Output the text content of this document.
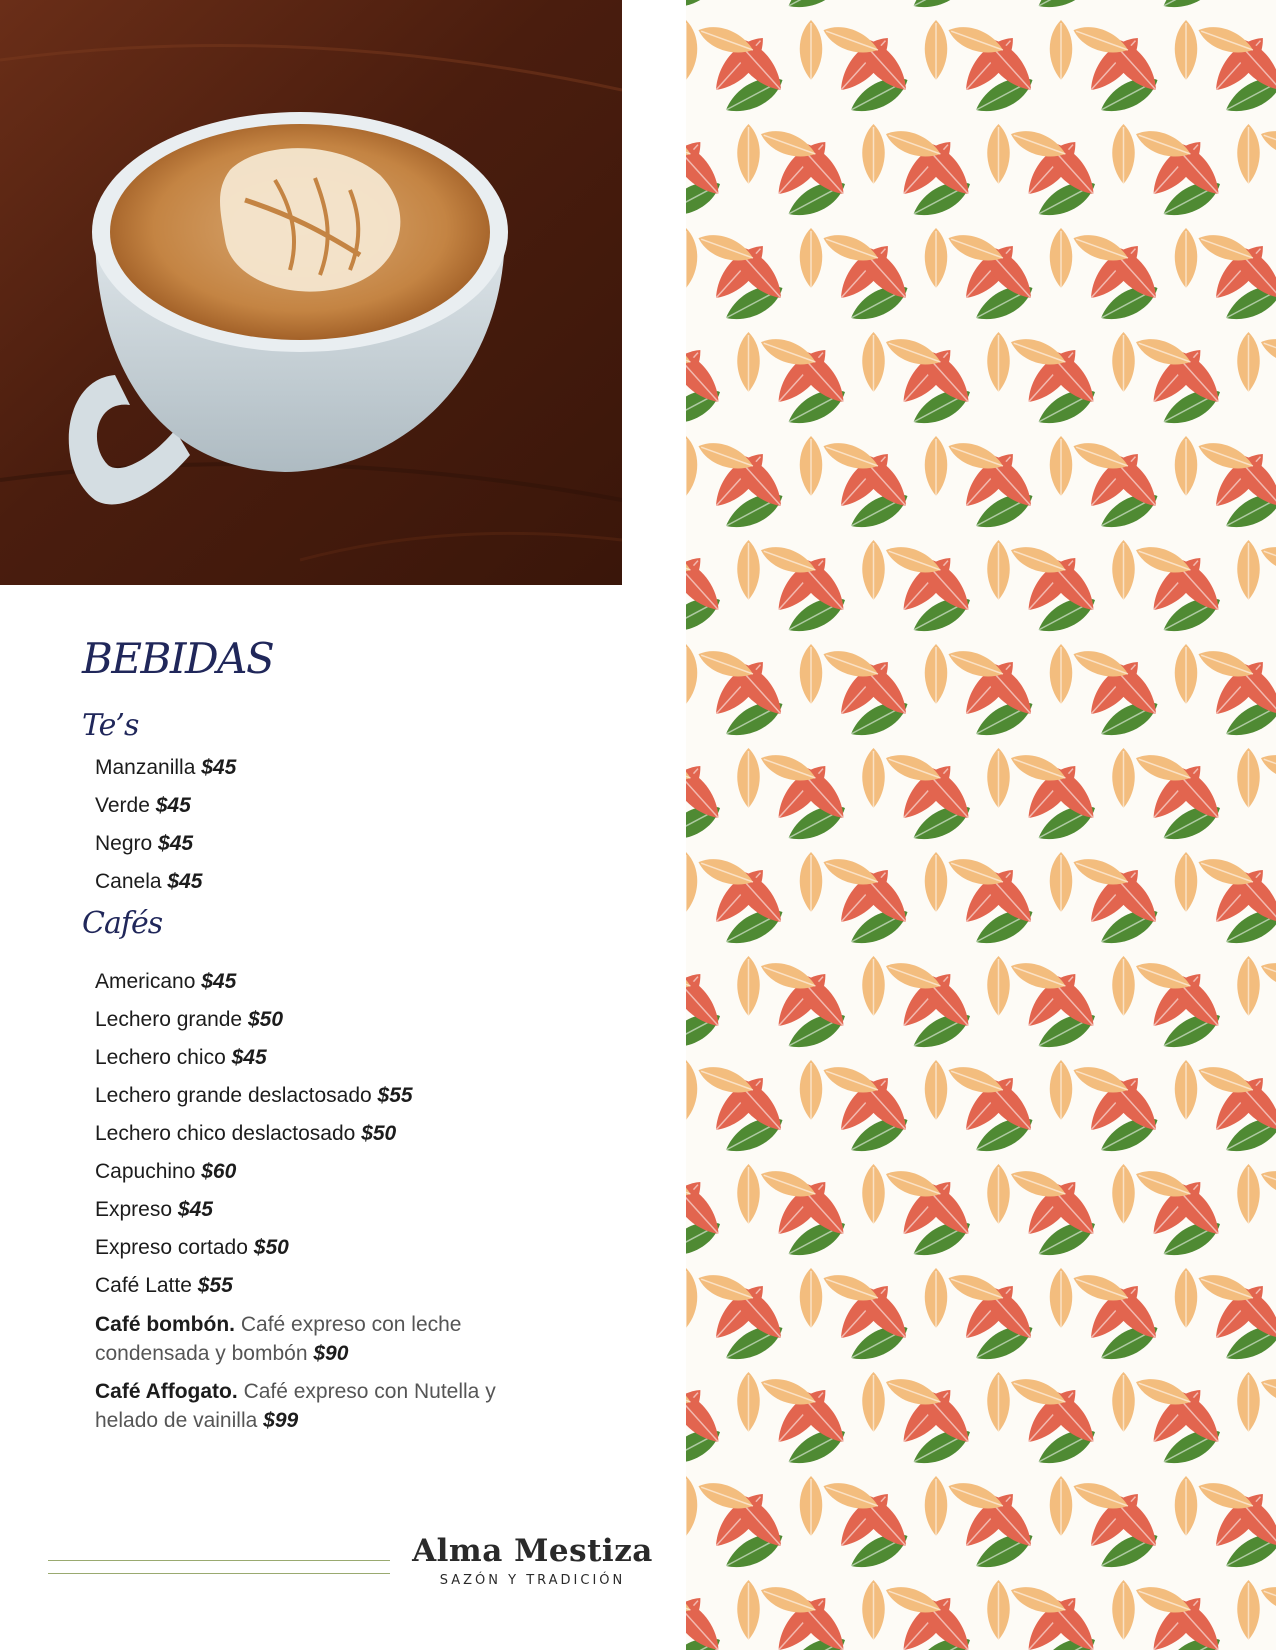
BEBIDAS
Te’s
Manzanilla $45
Verde $45
Negro $45
Canela $45
Cafés
Americano $45
Lechero grande $50
Lechero chico $45
Lechero grande deslactosado $55
Lechero chico deslactosado $50
Capuchino $60
Expreso $45
Expreso cortado $50
Café Latte $55
Café bombón. Café expreso con leche condensada y bombón $90
Café Affogato. Café expreso con Nutella y helado de vainilla $99
Alma Mestiza
SAZÓN Y TRADICIÓN
